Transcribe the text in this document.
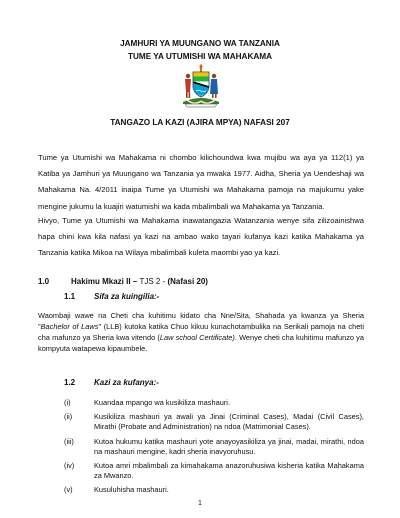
JAMHURI YA MUUNGANO WA TANZANIA
TUME YA UTUMISHI WA MAHAKAMA
TANGAZO LA KAZI (AJIRA MPYA) NAFASI 207
Tume ya Utumishi wa Mahakama ni chombo kilichoundwa kwa mujibu wa aya ya 112(1) ya Katiba ya Jamhuri ya Muungano wa Tanzania ya mwaka 1977. Aidha, Sheria ya Uendeshaji wa Mahakama Na. 4/2011 inaipa Tume ya Utumishi wa Mahakama pamoja na majukumu yake mengine jukumu la kuajiri watumishi wa kada mbalimbali wa Mahakama ya Tanzania.
Hivyo, Tume ya Utumishi wa Mahakama inawatangazia Watanzania wenye sifa zilizoainishwa hapa chini kwa kila nafasi ya kazi na ambao wako tayari kufanya kazi katika Mahakama ya Tanzania katika Mikoa na Wilaya mbalimbali kuleta maombi yao ya kazi.
1.0	Hakimu Mkazi II – TJS 2 - (Nafasi 20)
1.1 Sifa za kuingilia:-
Waombaji wawe na Cheti cha kuhitimu kidato cha Nne/Sita, Shahada ya kwanza ya Sheria "Bachelor of Laws" (LLB) kutoka katika Chuo kikuu kunachotambulika na Serikali pamoja na cheti cha mafunzo ya Sheria kwa vitendo (Law school Certificate). Wenye cheti cha kuhitimu mafunzo ya kompyuta watapewa kipaumbele.
1.2 Kazi za kufanya:-
(i)	Kuandaa mpango wa kusikiliza mashauri.
(ii)	Kusikiliza mashauri ya awali ya Jinai (Criminal Cases), Madai (Civil Cases), Mirathi (Probate and Administration) na ndoa (Matrimonial Cases).
(iii)	Kutoa hukumu katika mashauri yote anayoyasikiliza ya jinai, madai, mirathi, ndoa na mashauri mengine, kadri sheria inavyoruhusu.
(iv)	Kutoa amri mbalimbali za kimahakama anazoruhusiwa kisheria katika Mahakama za Mwanzo.
(v)	Kusuluhisha mashauri.
1
